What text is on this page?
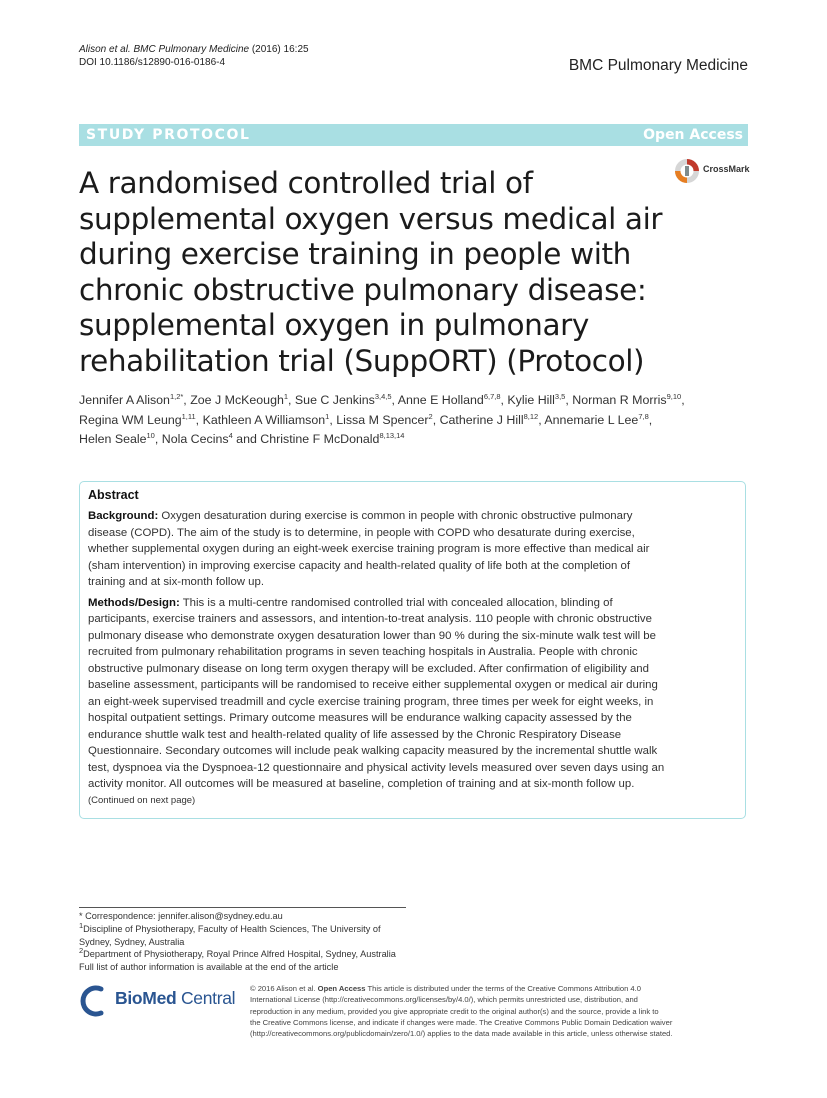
Alison et al. BMC Pulmonary Medicine (2016) 16:25
DOI 10.1186/s12890-016-0186-4	BMC Pulmonary Medicine
STUDY PROTOCOL	Open Access
A randomised controlled trial of
supplemental oxygen versus medical air
during exercise training in people with
chronic obstructive pulmonary disease:
supplemental oxygen in pulmonary
rehabilitation trial (SuppORT) (Protocol)
CrossMark
Jennifer A Alison$^{1,2*}$, Zoe J McKeough$^1$, Sue C Jenkins$^{3,4,5}$, Anne E Holland$^{6,7,8}$, Kylie Hill$^{3,5}$, Norman R Morris$^{9,10}$,
Regina WM Leung$^{1,11}$, Kathleen A Williamson$^1$, Lissa M Spencer$^2$, Catherine J Hill$^{8,12}$, Annemarie L Lee$^{7,8}$,
Helen Seale$^{10}$, Nola Cecins$^4$ and Christine F McDonald$^{8,13,14}$
Abstract
Background: Oxygen desaturation during exercise is common in people with chronic obstructive pulmonary
disease (COPD). The aim of the study is to determine, in people with COPD who desaturate during exercise,
whether supplemental oxygen during an eight-week exercise training program is more effective than medical air
(sham intervention) in improving exercise capacity and health-related quality of life both at the completion of
training and at six-month follow up.
Methods/Design: This is a multi-centre randomised controlled trial with concealed allocation, blinding of
participants, exercise trainers and assessors, and intention-to-treat analysis. 110 people with chronic obstructive
pulmonary disease who demonstrate oxygen desaturation lower than 90 % during the six-minute walk test will be
recruited from pulmonary rehabilitation programs in seven teaching hospitals in Australia. People with chronic
obstructive pulmonary disease on long term oxygen therapy will be excluded. After confirmation of eligibility and
baseline assessment, participants will be randomised to receive either supplemental oxygen or medical air during
an eight-week supervised treadmill and cycle exercise training program, three times per week for eight weeks, in
hospital outpatient settings. Primary outcome measures will be endurance walking capacity assessed by the
endurance shuttle walk test and health-related quality of life assessed by the Chronic Respiratory Disease
Questionnaire. Secondary outcomes will include peak walking capacity measured by the incremental shuttle walk
test, dyspnoea via the Dyspnoea-12 questionnaire and physical activity levels measured over seven days using an
activity monitor. All outcomes will be measured at baseline, completion of training and at six-month follow up.
(Continued on next page)
* Correspondence: jennifer.alison@sydney.edu.au
$^1$Discipline of Physiotherapy, Faculty of Health Sciences, The University of
Sydney, Sydney, Australia
$^2$Department of Physiotherapy, Royal Prince Alfred Hospital, Sydney, Australia
Full list of author information is available at the end of the article
BioMed Central © 2016 Alison et al. Open Access This article is distributed under the terms of the Creative Commons Attribution 4.0
International License (http://creativecommons.org/licenses/by/4.0/), which permits unrestricted use, distribution, and
reproduction in any medium, provided you give appropriate credit to the original author(s) and the source, provide a link to
the Creative Commons license, and indicate if changes were made. The Creative Commons Public Domain Dedication waiver
(http://creativecommons.org/publicdomain/zero/1.0/) applies to the data made available in this article, unless otherwise stated.
